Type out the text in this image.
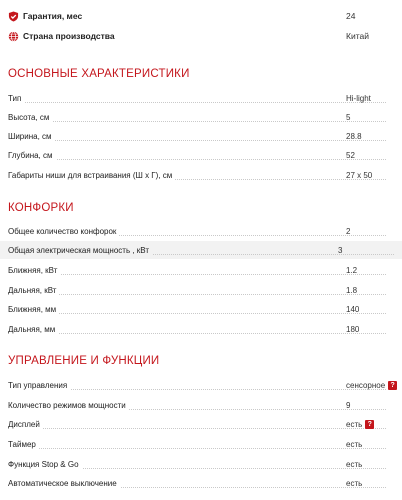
Гарантия, мес	24
Страна производства	Китай
ОСНОВНЫЕ ХАРАКТЕРИСТИКИ
Тип	Hi-light
Высота, см	5
Ширина, см	28.8
Глубина, см	52
Габариты ниши для встраивания (Ш х Г), см	27 x 50
КОНФОРКИ
Общее количество конфорок	2
Общая электрическая мощность , кВт	3
Ближняя, кВт	1.2
Дальняя, кВт	1.8
Ближняя, мм	140
Дальняя, мм	180
УПРАВЛЕНИЕ И ФУНКЦИИ
Тип управления	сенсорное ?
Количество режимов мощности	9
Дисплей	есть ?
Таймер	есть
Функция Stop & Go	есть
Автоматическое выключение	есть
